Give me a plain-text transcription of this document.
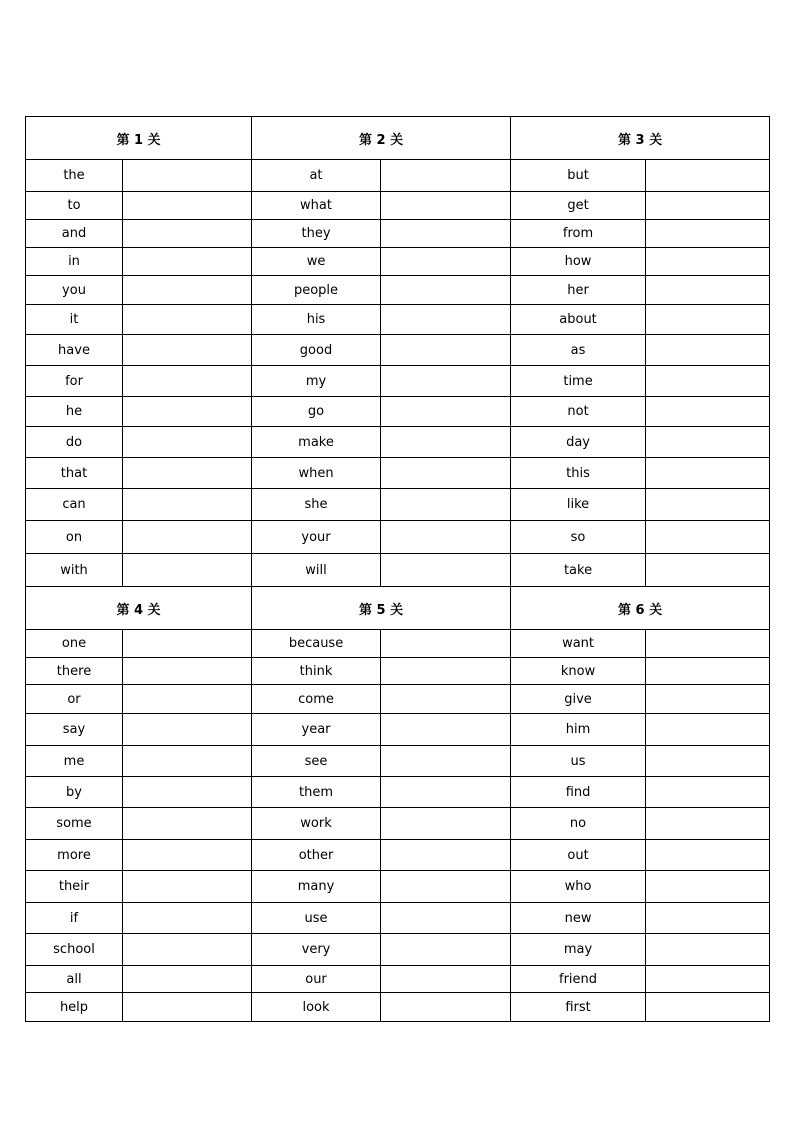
第 1 关		第 2 关		第 3 关	
the		at		but	
to		what		get	
and		they		from	
in		we		how	
you		people		her	
it		his		about	
have		good		as	
for		my		time	
he		go		not	
do		make		day	
that		when		this	
can		she		like	
on		your		so	
with		will		take	
第 4 关		第 5 关		第 6 关	
one		because		want	
there		think		know	
or		come		give	
say		year		him	
me		see		us	
by		them		find	
some		work		no	
more		other		out	
their		many		who	
if		use		new	
school		very		may	
all		our		friend	
help		look		first	
